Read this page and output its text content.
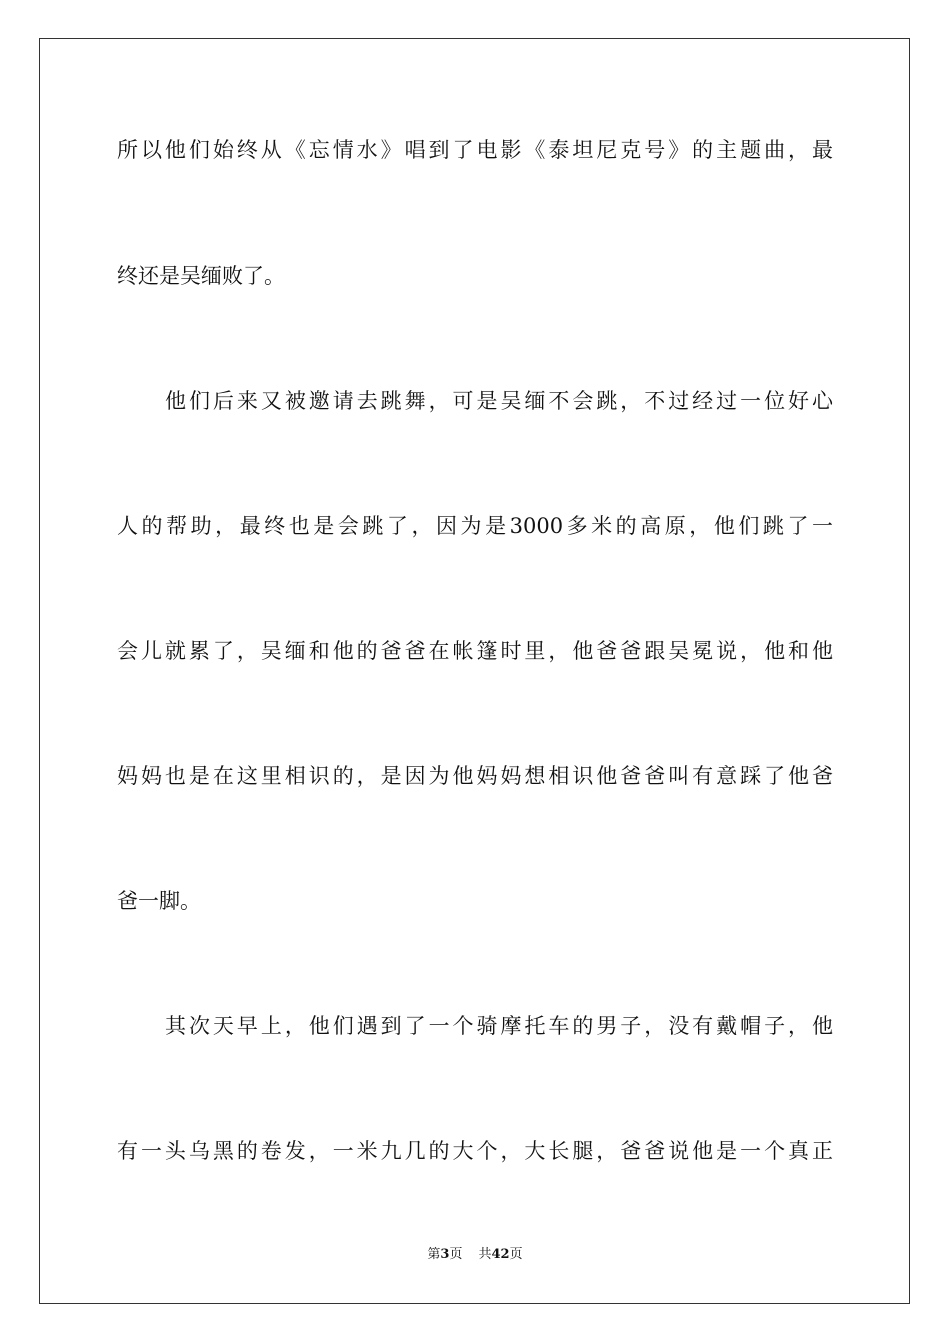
所以他们始终从《忘情水》唱到了电影《泰坦尼克号》的主题曲，最
终还是吴缅败了。
他们后来又被邀请去跳舞，可是吴缅不会跳，不过经过一位好心
人的帮助，最终也是会跳了，因为是3000多米的高原，他们跳了一
会儿就累了，吴缅和他的爸爸在帐篷时里，他爸爸跟吴冕说，他和他
妈妈也是在这里相识的，是因为他妈妈想相识他爸爸叫有意踩了他爸
爸一脚。
其次天早上，他们遇到了一个骑摩托车的男子，没有戴帽子，他
有一头乌黑的卷发，一米九几的大个，大长腿，爸爸说他是一个真正
第3页 共42页
